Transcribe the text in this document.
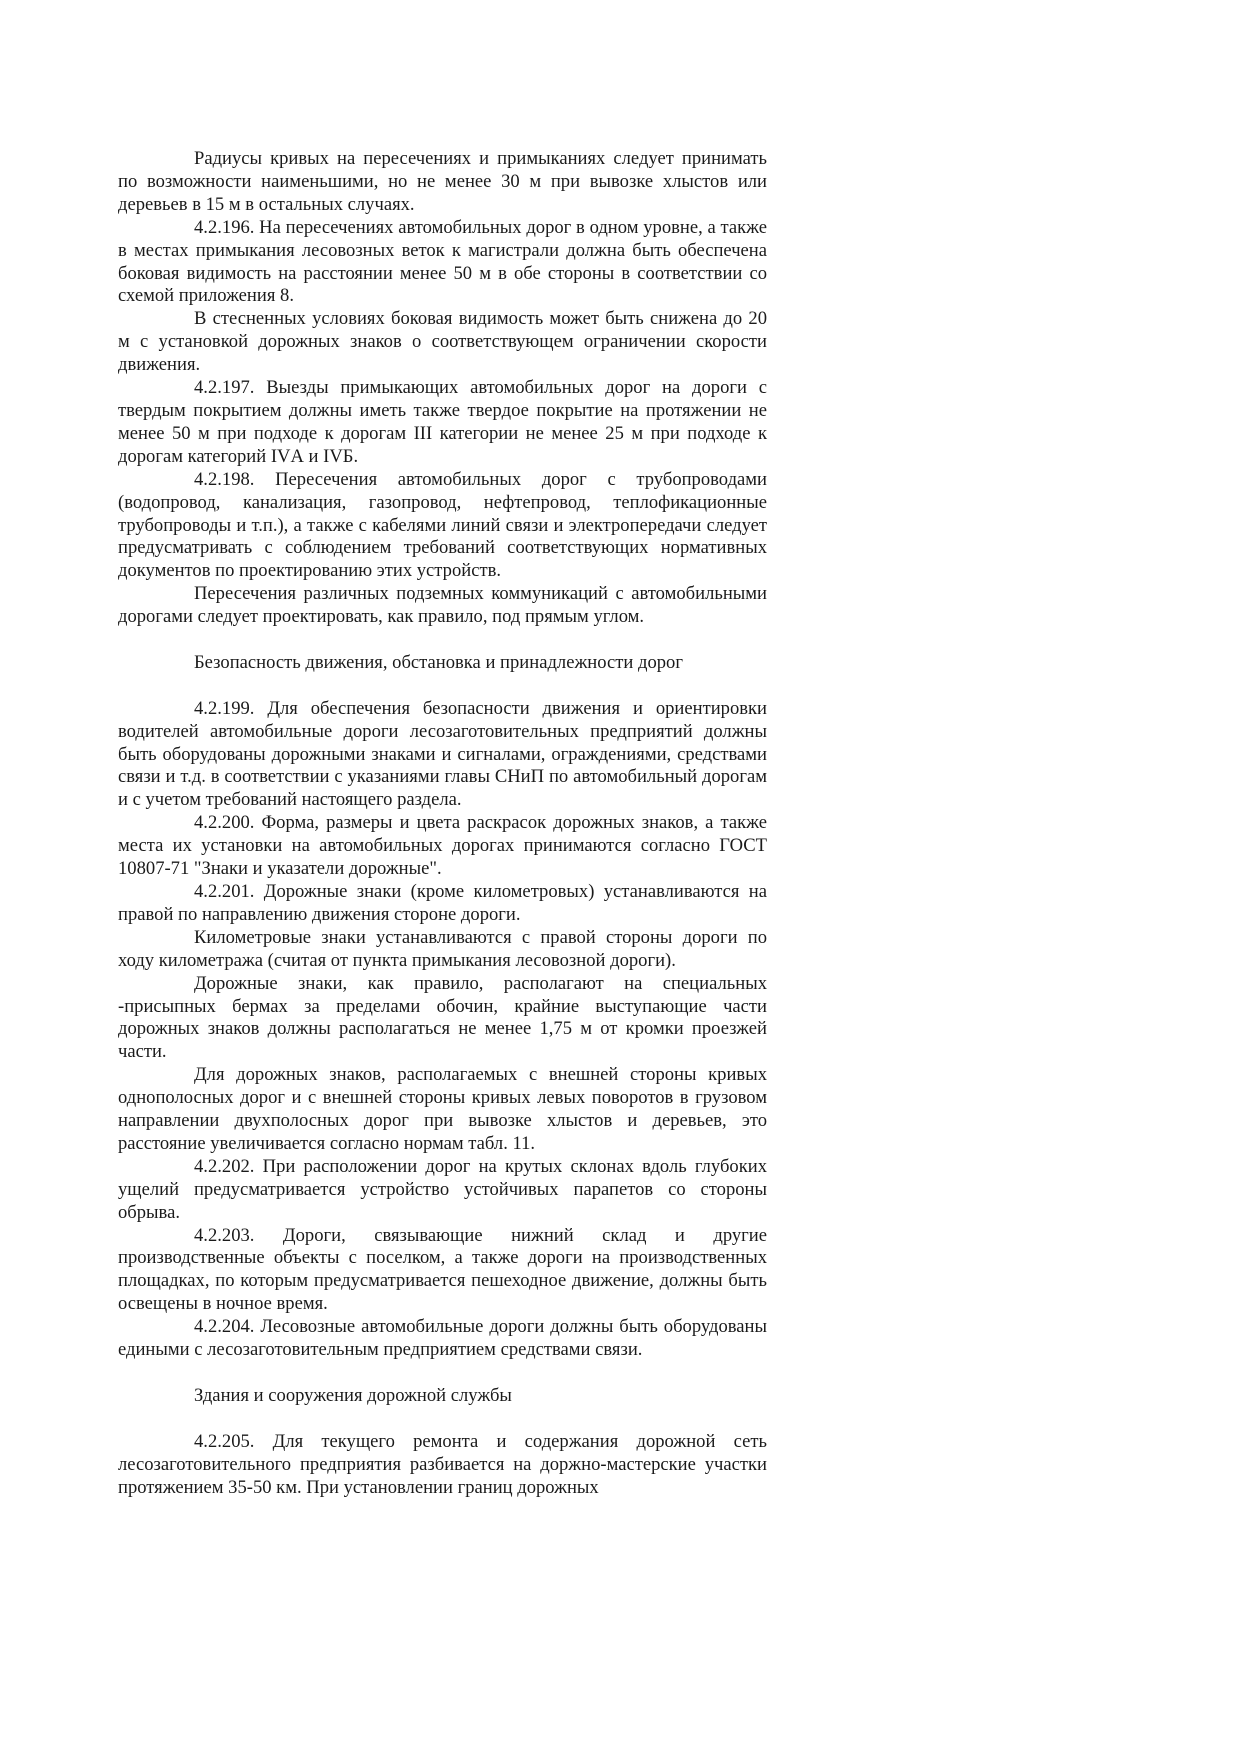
Радиусы кривых на пересечениях и примыканиях следует принимать по возможности наименьшими, но не менее 30 м при вывозке хлыстов или деревьев в 15 м в остальных случаях.

4.2.196. На пересечениях автомобильных дорог в одном уровне, а также в местах примыкания лесовозных веток к магистрали должна быть обеспечена боковая видимость на расстоянии менее 50 м в обе стороны в соответствии со схемой приложения 8.

В стесненных условиях боковая видимость может быть снижена до 20 м с установкой дорожных знаков о соответствующем ограничении скорости движения.

4.2.197. Выезды примыкающих автомобильных дорог на дороги с твердым покрытием должны иметь также твердое покрытие на протяжении не менее 50 м при подходе к дорогам III категории не менее 25 м при подходе к дорогам категорий IVА и IVБ.

4.2.198. Пересечения автомобильных дорог с трубопроводами (водопровод, канализация, газопровод, нефтепровод, теплофикационные трубопроводы и т.п.), а также с кабелями линий связи и электропередачи следует предусматривать с соблюдением требований соответствующих нормативных документов по проектированию этих устройств.

Пересечения различных подземных коммуникаций с автомобильными дорогами следует проектировать, как правило, под прямым углом.

Безопасность движения, обстановка и принадлежности дорог

4.2.199. Для обеспечения безопасности движения и ориентировки водителей автомобильные дороги лесозаготовительных предприятий должны быть оборудованы дорожными знаками и сигналами, ограждениями, средствами связи и т.д. в соответствии с указаниями главы СНиП по автомобильный дорогам и с учетом требований настоящего раздела.

4.2.200. Форма, размеры и цвета раскрасок дорожных знаков, а также места их установки на автомобильных дорогах принимаются согласно ГОСТ 10807-71 "Знаки и указатели дорожные".

4.2.201. Дорожные знаки (кроме километровых) устанавливаются на правой по направлению движения стороне дороги.

Километровые знаки устанавливаются с правой стороны дороги по ходу километража (считая от пункта примыкания лесовозной дороги).

Дорожные знаки, как правило, располагают на специальных -присыпных бермах за пределами обочин, крайние выступающие части дорожных знаков должны располагаться не менее 1,75 м от кромки проезжей части.

Для дорожных знаков, располагаемых с внешней стороны кривых однополосных дорог и с внешней стороны кривых левых поворотов в грузовом направлении двухполосных дорог при вывозке хлыстов и деревьев, это расстояние увеличивается согласно нормам табл. 11.

4.2.202. При расположении дорог на крутых склонах вдоль глубоких ущелий предусматривается устройство устойчивых парапетов со стороны обрыва.

4.2.203. Дороги, связывающие нижний склад и другие производственные объекты с поселком, а также дороги на производственных площадках, по которым предусматривается пешеходное движение, должны быть освещены в ночное время.

4.2.204. Лесовозные автомобильные дороги должны быть оборудованы едиными с лесозаготовительным предприятием средствами связи.

Здания и сооружения дорожной службы

4.2.205. Для текущего ремонта и содержания дорожной сеть лесозаготовительного предприятия разбивается на доржно-мастерские участки протяжением 35-50 км. При установлении границ дорожных
